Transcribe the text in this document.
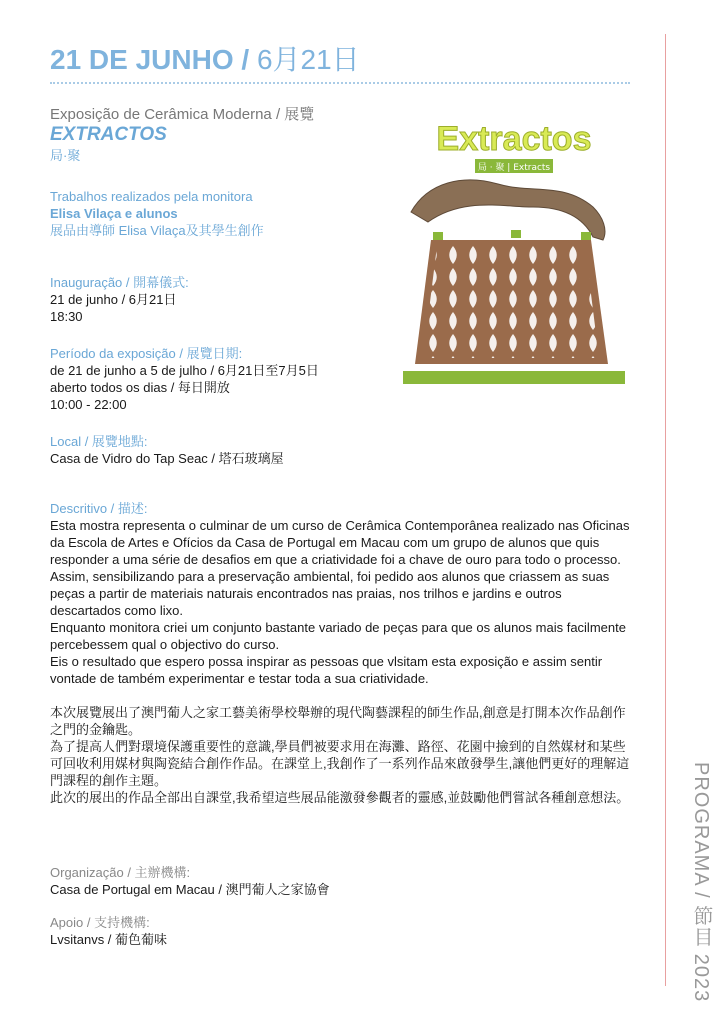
21 DE JUNHO / 6月21日
PROGRAMA / 節目 2023
Exposição de Cerâmica Moderna / 展覽
EXTRACTOS
局·聚
Trabalhos realizados pela monitora
Elisa Vilaça e alunos
展品由導師 Elisa Vilaça及其學生創作
Inauguração / 開幕儀式:
21 de junho / 6月21日
18:30
Período da exposição / 展覽日期:
de 21 de junho a 5 de julho / 6月21日至7月5日
aberto todos os dias / 每日開放
10:00 - 22:00
Local / 展覽地點:
Casa de Vidro do Tap Seac / 塔石玻璃屋
Descritivo / 描述:

Esta mostra representa o culminar de um curso de Cerâmica Contemporânea realizado nas Oficinas da Escola de Artes e Ofícios da Casa de Portugal em Macau com um grupo de alunos que quis responder a uma série de desafios em que a criatividade foi a chave de ouro para todo o processo.

Assim, sensibilizando para a preservação ambiental, foi pedido aos alunos que criassem as suas peças a partir de materiais naturais encontrados nas praias, nos trilhos e jardins e outros descartados como lixo.

Enquanto monitora criei um conjunto bastante variado de peças para que os alunos mais facilmente percebessem qual o objectivo do curso.

Eis o resultado que espero possa inspirar as pessoas que vlsitam esta exposição e assim sentir vontade de também experimentar e testar toda a sua criatividade.

本次展覽展出了澳門葡人之家工藝美術學校舉辦的現代陶藝課程的師生作品,創意是打開本次作品創作之門的金鑰匙。

為了提高人們對環境保護重要性的意識,學員們被要求用在海灘、路徑、花園中撿到的自然媒材和某些可回收利用媒材與陶瓷結合創作作品。在課堂上,我創作了一系列作品來啟發學生,讓他們更好的理解這門課程的創作主題。

此次的展出的作品全部出自課堂,我希望這些展品能激發參觀者的靈感,並鼓勵他們嘗試各種創意想法。

Organização / 主辦機構:
Casa de Portugal em Macau / 澳門葡人之家協會
Apoio / 支持機構:
Lvsitanvs / 葡色葡味
Extractos
局 · 聚 | Extracts
